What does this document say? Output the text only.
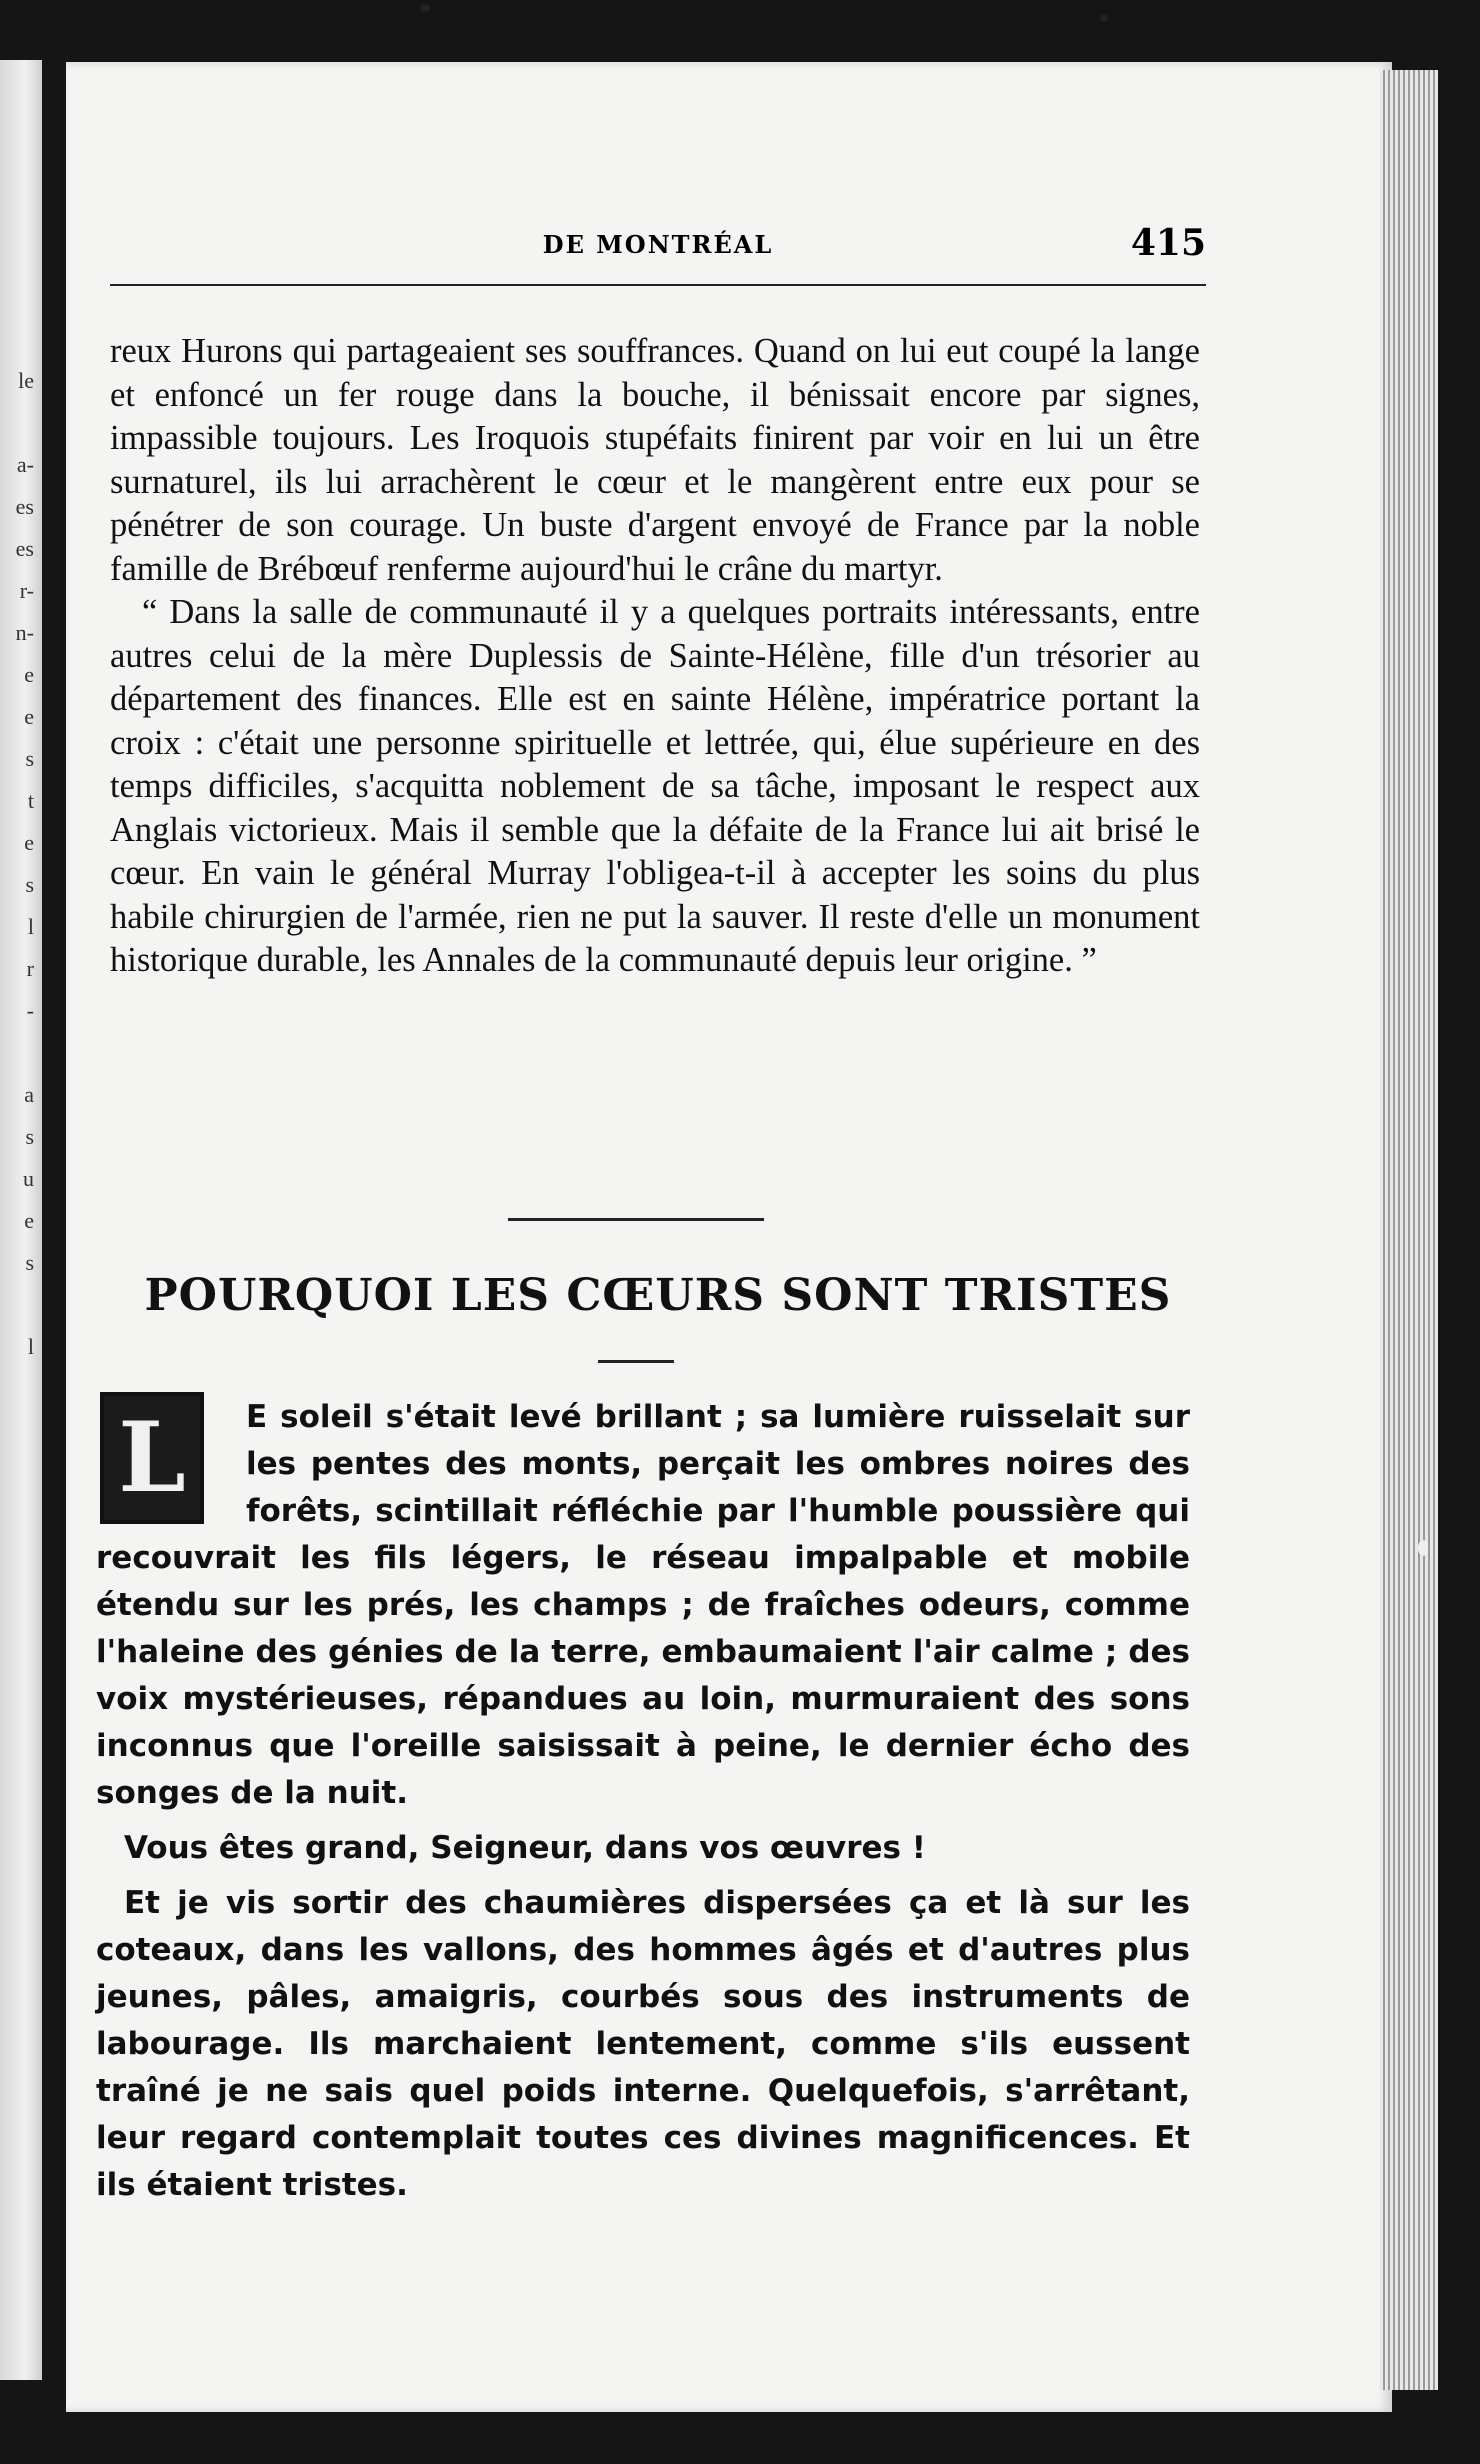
le

a-
es
es
r-
n-
e
e
s
t
e
s
l
r
-

a
s
u
e
s

l
DE MONTRÉAL	415

reux Hurons qui partageaient ses souffrances. Quand on lui eut coupé la lange et enfoncé un fer rouge dans la bouche, il bénissait encore par signes, impassible toujours. Les Iroquois stupéfaits finirent par voir en lui un être surnaturel, ils lui arrachèrent le cœur et le mangèrent entre eux pour se pénétrer de son courage. Un buste d'argent envoyé de France par la noble famille de Brébœuf renferme aujourd'hui le crâne du martyr.

“ Dans la salle de communauté il y a quelques portraits intéressants, entre autres celui de la mère Duplessis de Sainte-Hélène, fille d'un trésorier au département des finances. Elle est en sainte Hélène, impératrice portant la croix : c'était une personne spirituelle et lettrée, qui, élue supérieure en des temps difficiles, s'acquitta noblement de sa tâche, imposant le respect aux Anglais victorieux. Mais il semble que la défaite de la France lui ait brisé le cœur. En vain le général Murray l'obligea-t-il à accepter les soins du plus habile chirurgien de l'armée, rien ne put la sauver. Il reste d'elle un monument historique durable, les Annales de la communauté depuis leur origine. ”

POURQUOI LES CŒURS SONT TRISTES
L	E soleil s'était levé brillant ; sa lumière ruisselait sur les pentes des monts, perçait les ombres noires des forêts, scintillait réfléchie par l'humble poussière qui recouvrait les fils légers, le réseau impalpable et mobile étendu sur les prés, les champs ; de fraîches odeurs, comme l'haleine des génies de la terre, embaumaient l'air calme ; des voix mystérieuses, répandues au loin, murmuraient des sons inconnus que l'oreille saisissait à peine, le dernier écho des songes de la nuit.

Vous êtes grand, Seigneur, dans vos œuvres !

Et je vis sortir des chaumières dispersées ça et là sur les coteaux, dans les vallons, des hommes âgés et d'autres plus jeunes, pâles, amaigris, courbés sous des instruments de labourage. Ils marchaient lentement, comme s'ils eussent traîné je ne sais quel poids interne. Quelquefois, s'arrêtant, leur regard contemplait toutes ces divines magnificences. Et ils étaient tristes.
